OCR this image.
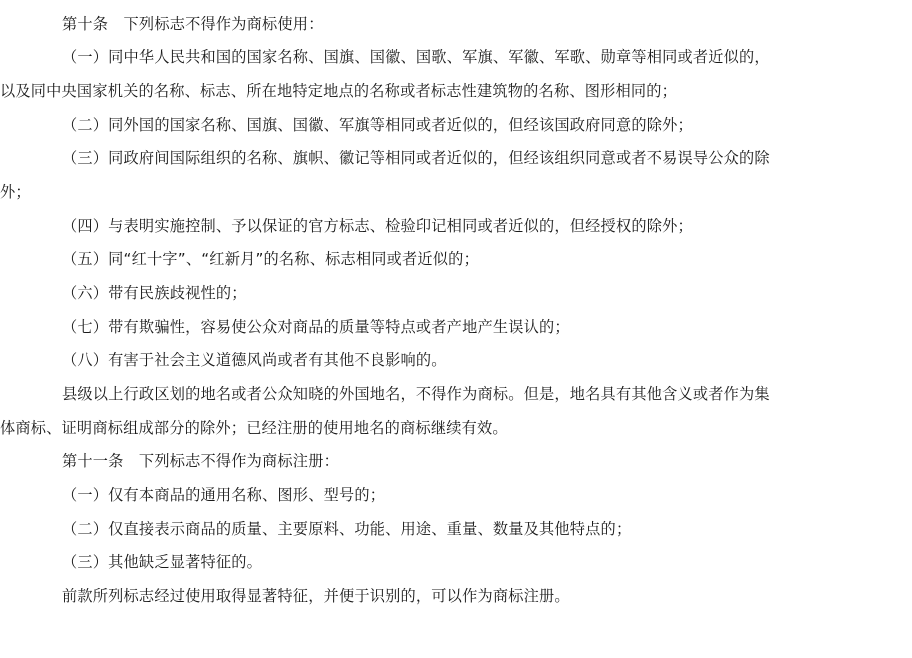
第十条　下列标志不得作为商标使用：
（一）同中华人民共和国的国家名称、国旗、国徽、国歌、军旗、军徽、军歌、勋章等相同或者近似的，
以及同中央国家机关的名称、标志、所在地特定地点的名称或者标志性建筑物的名称、图形相同的；
（二）同外国的国家名称、国旗、国徽、军旗等相同或者近似的，但经该国政府同意的除外；
（三）同政府间国际组织的名称、旗帜、徽记等相同或者近似的，但经该组织同意或者不易误导公众的除
外；
（四）与表明实施控制、予以保证的官方标志、检验印记相同或者近似的，但经授权的除外；
（五）同“红十字”、“红新月”的名称、标志相同或者近似的；
（六）带有民族歧视性的；
（七）带有欺骗性，容易使公众对商品的质量等特点或者产地产生误认的；
（八）有害于社会主义道德风尚或者有其他不良影响的。
县级以上行政区划的地名或者公众知晓的外国地名，不得作为商标。但是，地名具有其他含义或者作为集
体商标、证明商标组成部分的除外；已经注册的使用地名的商标继续有效。
第十一条　下列标志不得作为商标注册：
（一）仅有本商品的通用名称、图形、型号的；
（二）仅直接表示商品的质量、主要原料、功能、用途、重量、数量及其他特点的；
（三）其他缺乏显著特征的。
前款所列标志经过使用取得显著特征，并便于识别的，可以作为商标注册。
